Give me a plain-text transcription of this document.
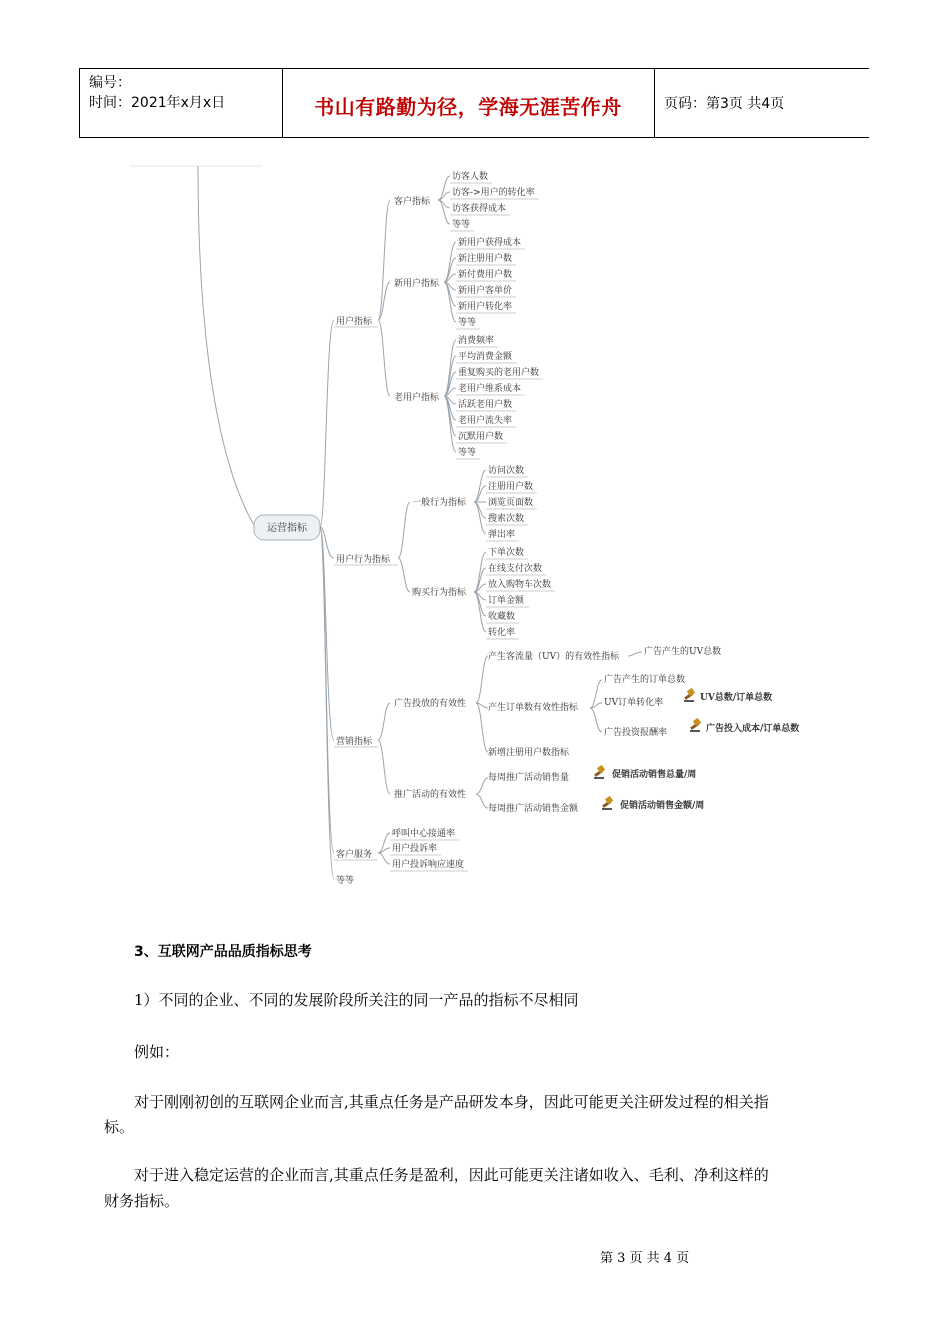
编号：
时间：2021年x月x日	书山有路勤为径，学海无涯苦作舟	页码：第3页 共4页
运营指标
用户指标
用户行为指标
营销指标
客户服务
等等
客户指标
新用户指标
老用户指标
访客人数
访客->用户的转化率
访客获得成本
等等
新用户获得成本
新注册用户数
新付费用户数
新用户客单价
新用户转化率
等等
消费频率
平均消费金额
重复购买的老用户数
老用户维系成本
活跃老用户数
老用户流失率
沉默用户数
等等
一般行为指标
购买行为指标
访问次数
注册用户数
浏览页面数
搜索次数
弹出率
下单次数
在线支付次数
放入购物车次数
订单金额
收藏数
转化率
广告投放的有效性
推广活动的有效性
产生客流量（UV）的有效性指标
产生订单数有效性指标
新增注册用户数指标
广告产生的UV总数
广告产生的订单总数
UV订单转化率
广告投资报酬率
UV总数/订单总数
广告投入成本/订单总数
每周推广活动销售量
每周推广活动销售金额
促销活动销售总量/周
促销活动销售金额/周
呼叫中心接通率
用户投诉率
用户投诉响应速度
3、互联网产品品质指标思考
1）不同的企业、不同的发展阶段所关注的同一产品的指标不尽相同
例如：
对于刚刚初创的互联网企业而言,其重点任务是产品研发本身，因此可能更关注研发过程的相关指
标。
对于进入稳定运营的企业而言,其重点任务是盈利，因此可能更关注诸如收入、毛利、净利这样的
财务指标。
第 3 页 共 4 页
